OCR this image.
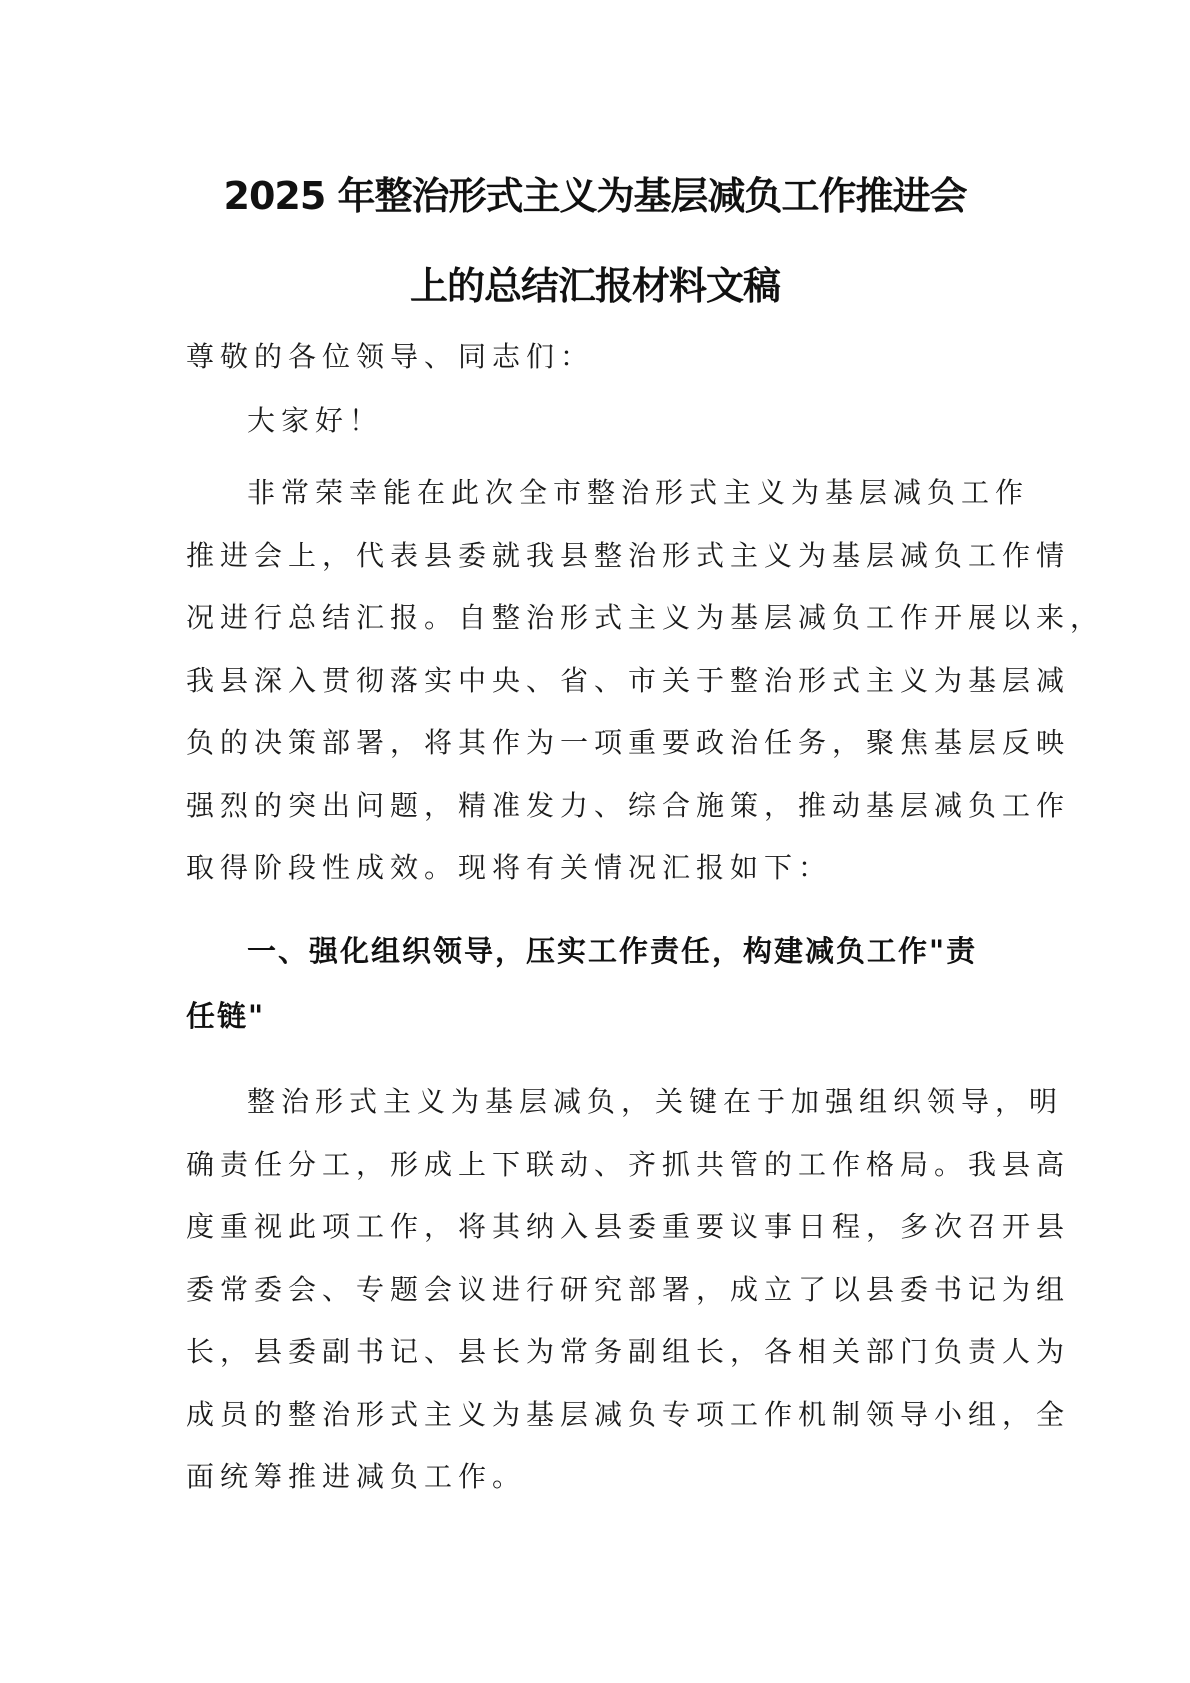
2025 年整治形式主义为基层减负工作推进会
上的总结汇报材料文稿
尊敬的各位领导、同志们：
大家好！
非常荣幸能在此次全市整治形式主义为基层减负工作
推进会上，代表县委就我县整治形式主义为基层减负工作情
况进行总结汇报。自整治形式主义为基层减负工作开展以来，
我县深入贯彻落实中央、省、市关于整治形式主义为基层减
负的决策部署，将其作为一项重要政治任务，聚焦基层反映
强烈的突出问题，精准发力、综合施策，推动基层减负工作
取得阶段性成效。现将有关情况汇报如下：
一、强化组织领导，压实工作责任，构建减负工作"责
任链"
整治形式主义为基层减负，关键在于加强组织领导，明
确责任分工，形成上下联动、齐抓共管的工作格局。我县高
度重视此项工作，将其纳入县委重要议事日程，多次召开县
委常委会、专题会议进行研究部署，成立了以县委书记为组
长，县委副书记、县长为常务副组长，各相关部门负责人为
成员的整治形式主义为基层减负专项工作机制领导小组，全
面统筹推进减负工作。
